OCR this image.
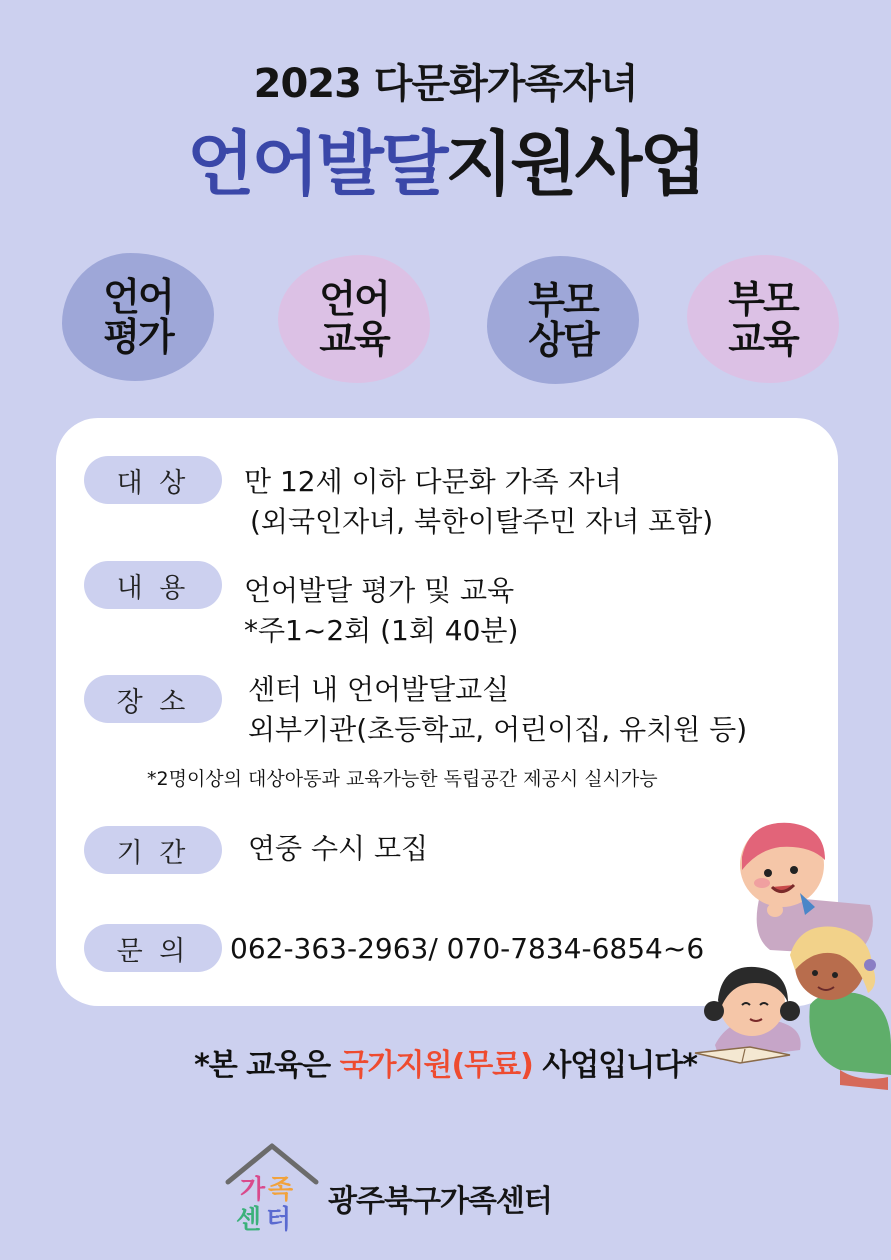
2023 다문화가족자녀
언어발달지원사업
언어
평가
언어
교육
부모
상담
부모
교육
대 상	만 12세 이하 다문화 가족 자녀
(외국인자녀, 북한이탈주민 자녀 포함)
내 용	언어발달 평가 및 교육
*주1~2회 (1회 40분)
장 소	센터 내 언어발달교실
외부기관(초등학교, 어린이집, 유치원 등)
*2명이상의 대상아동과 교육가능한 독립공간 제공시 실시가능
기 간	연중 수시 모집
문 의	062-363-2963/ 070-7834-6854~6
*본 교육은 국가지원(무료) 사업입니다*
가 족
센 터
광주북구가족센터
